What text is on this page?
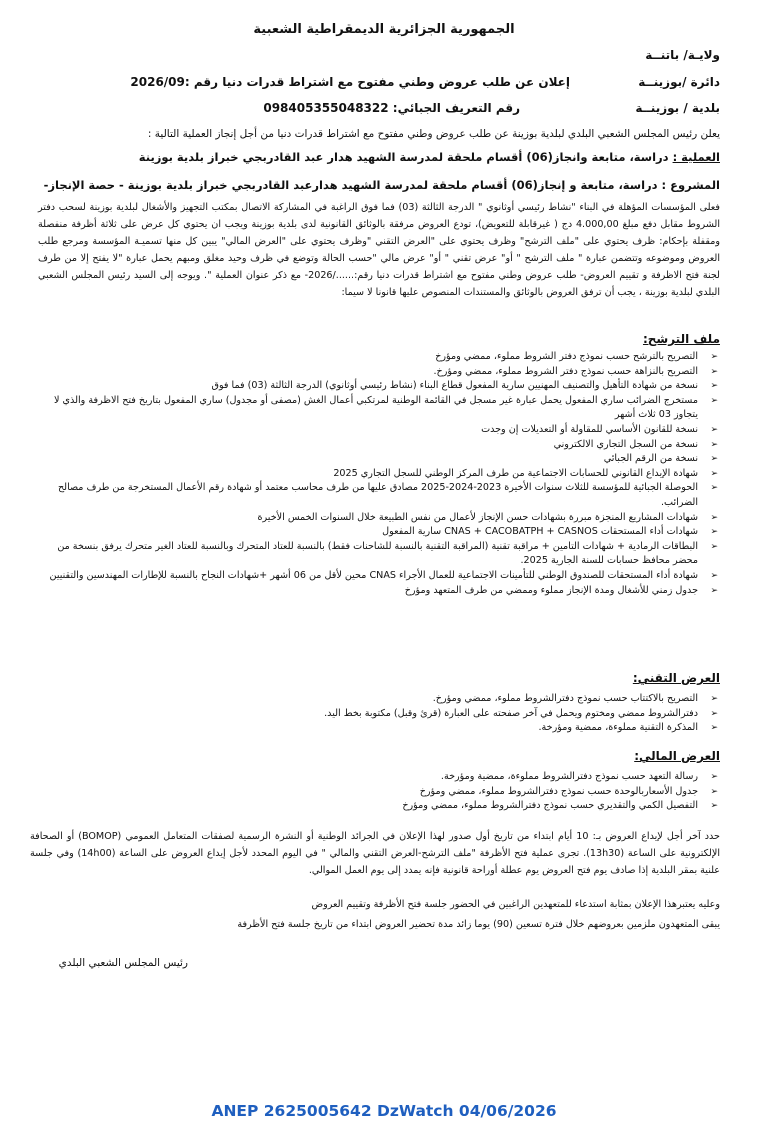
الجمهورية الجزائرية الديمقراطية الشعبية
ولايـة/ باتنــة
دائرة /بوزينــة
بلدية / بوزينــة
إعلان عن طلب عروض وطني مفتوح مع اشتراط قدرات دنيا رقم :2026/09
رقم التعريف الجبائي: 098405355048322
يعلن رئيس المجلس الشعبي البلدي لبلدية بوزينة عن طلب عروض وطني مفتوح مع اشتراط قدرات دنيا من أجل إنجاز العملية التالية :
العملية : دراسة، متابعة وانجاز(06) أقسام ملحقة لمدرسة الشهيد هدار عبد القادربجي خبراز بلدية بوزينة
المشروع : دراسة، متابعة و إنجاز(06) أقسام ملحقة لمدرسة الشهيد هدارعبد القادربجي خبراز بلدية بوزينة - حصة الإنجاز-
فعلى المؤسسات المؤهلة في البناء "نشاط رئيسي أوثانوي " الدرجة الثالثة (03) فما فوق الراغبة في المشاركة الاتصال بمكتب التجهيز والأشغال لبلدية بوزينة لسحب دفتر الشروط مقابل دفع مبلغ 4.000,00 دج ( غيرقابلة للتعويض)، تودع العروض مرفقة بالوثائق القانونية لدى بلدية بوزينة ويجب ان يحتوي كل عرض على ثلاثة أظرفة منفصلة ومقفلة بإحكام: ظرف يحتوي على "ملف الترشح" وظرف يحتوي على "العرض التقني "وظرف يحتوي على "العرض المالي" يبين كل منها تسميـة المؤسسة ومرجع طلب العروض وموضوعه وتتضمن عبارة " ملف الترشح " أو" عرض تقني " أو" عرض مالي "حسب الحالة وتوضع في ظرف وحيد مغلق ومبهم يحمل عبارة "لا يفتح إلا من طرف لجنة فتح الاظرفة و تقييم العروض- طلب عروض وطني مفتوح مع اشتراط قدرات دنيا رقم:....../2026- مع ذكر عنوان العملية ". ويوجه إلى السيد رئيس المجلس الشعبي البلدي لبلدية بوزينة ، يجب أن ترفق العروض بالوثائق والمستندات المنصوص عليها قانونا لا سيما:
ملف الترشح:
➢ التصريح بالترشح حسب نموذج دفتر الشروط مملوء، ممضي ومؤرخ
➢ التصريح بالنزاهة حسب نموذج دفتر الشروط مملوء، ممضي ومؤرخ.
➢ نسخة من شهادة التأهيل والتصنيف المهنيين سارية المفعول قطاع البناء (نشاط رئيسي أوثانوي) الدرجة الثالثة (03) فما فوق
➢ مستخرج الضرائب ساري المفعول يحمل عبارة غير مسجل في القائمة الوطنية لمرتكبي أعمال الغش (مصفى أو مجدول) ساري المفعول بتاريخ فتح الاظرفة والذي لا يتجاوز 03 ثلاث أشهر
➢ نسخة للقانون الأساسي للمقاولة أو التعديلات إن وجدت
➢ نسخة من السجل التجاري الالكتروني
➢ نسخة من الرقم الجبائي
➢ شهادة الإيداع القانوني للحسابات الاجتماعية من طرف المركز الوطني للسجل التجاري 2025
➢ الحوصلة الجبائية للمؤسسة للثلاث سنوات الأخيرة 2023-2024-2025 مصادق عليها من طرف محاسب معتمد أو شهادة رقم الأعمال المستخرجة من طرف مصالح الضرائب.
➢ شهادات المشاريع المنجزة مبررة بشهادات حسن الإنجاز لأعمال من نفس الطبيعة خلال السنوات الخمس الأخيرة
➢ شهادات أداء المستحقات CNAS + CACOBATPH + CASNOS سارية المفعول
➢ البطاقات الرمادية + شهادات التامين + مراقبة تقنية (المراقبة التقنية بالنسبة للشاحنات فقط) بالنسبة للعتاد المتحرك وبالنسبة للعتاد الغير متحرك يرفق بنسخة من محضر محافظ حسابات للسنة الجارية 2025.
➢ شهادة أداء المستحقات للصندوق الوطني للتأمينات الاجتماعية للعمال الأجراء CNAS محين لأقل من 06 أشهر +شهادات النجاح بالنسبة للإطارات المهندسين والتقنيين
➢ جدول زمني للأشغال ومدة الإنجاز مملوء وممضي من طرف المتعهد ومؤرخ
العرض التقني:
➢ التصريح بالاكتتاب حسب نموذج دفترالشروط مملوء، ممضي ومؤرخ.
➢ دفترالشروط ممضي ومختوم ويحمل في آخر صفحته على العبارة (قرئ وقبل) مكتوبة بخط اليد.
➢ المذكرة التقنية مملوءة، ممضية ومؤرخة.
العرض المالي:
➢ رسالة التعهد حسب نموذج دفترالشروط مملوءة، ممضية ومؤرخة.
➢ جدول الأسعاربالوحدة حسب نموذج دفترالشروط مملوء، ممضي ومؤرخ
➢ التفصيل الكمي والتقديري حسب نموذج دفترالشروط مملوء، ممضي ومؤرخ
حدد آخر أجل لإيداع العروض بـ: 10 أيام ابتداء من تاريخ أول صدور لهذا الإعلان في الجرائد الوطنية أو النشرة الرسمية لصفقات المتعامل العمومي (BOMOP) أو الصحافة الإلكترونية على الساعة (13h30). تجرى عملية فتح الأظرفة "ملف الترشح-العرض التقني والمالي " في اليوم المحدد لأجل إيداع العروض على الساعة (14h00) وفي جلسة علنية بمقر البلدية إذا صادف يوم فتح العروض يوم عطلة أوراحة قانونية فإنه يمدد إلى يوم العمل الموالي.
وعليه يعتبرهذا الإعلان بمثابة استدعاء للمتعهدين الراغبين في الحضور جلسة فتح الأظرفة وتقييم العروض
يبقى المتعهدون ملزمين بعروضهم خلال فترة تسعين (90) يوما زائد مدة تحضير العروض ابتداء من تاريخ جلسة فتح الأظرفة
رئيس المجلس الشعبي البلدي
ANEP 2625005642 DzWatch 04/06/2026
